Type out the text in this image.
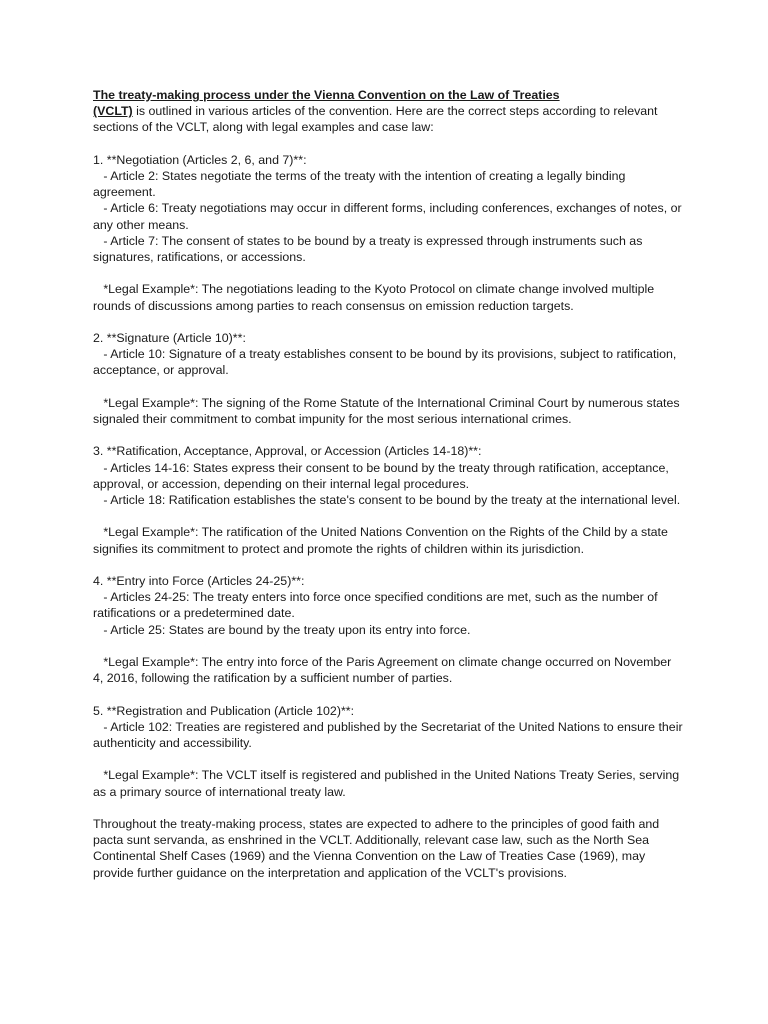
The treaty-making process under the Vienna Convention on the Law of Treaties
(VCLT) is outlined in various articles of the convention. Here are the correct steps according to relevant sections of the VCLT, along with legal examples and case law:

1. **Negotiation (Articles 2, 6, and 7)**:

- Article 2: States negotiate the terms of the treaty with the intention of creating a legally binding agreement.

- Article 6: Treaty negotiations may occur in different forms, including conferences, exchanges of notes, or any other means.

- Article 7: The consent of states to be bound by a treaty is expressed through instruments such as signatures, ratifications, or accessions.

*Legal Example*: The negotiations leading to the Kyoto Protocol on climate change involved multiple rounds of discussions among parties to reach consensus on emission reduction targets.

2. **Signature (Article 10)**:

- Article 10: Signature of a treaty establishes consent to be bound by its provisions, subject to ratification, acceptance, or approval.

*Legal Example*: The signing of the Rome Statute of the International Criminal Court by numerous states signaled their commitment to combat impunity for the most serious international crimes.

3. **Ratification, Acceptance, Approval, or Accession (Articles 14-18)**:

- Articles 14-16: States express their consent to be bound by the treaty through ratification, acceptance, approval, or accession, depending on their internal legal procedures.

- Article 18: Ratification establishes the state's consent to be bound by the treaty at the international level.

*Legal Example*: The ratification of the United Nations Convention on the Rights of the Child by a state signifies its commitment to protect and promote the rights of children within its jurisdiction.

4. **Entry into Force (Articles 24-25)**:

- Articles 24-25: The treaty enters into force once specified conditions are met, such as the number of ratifications or a predetermined date.

- Article 25: States are bound by the treaty upon its entry into force.

*Legal Example*: The entry into force of the Paris Agreement on climate change occurred on November 4, 2016, following the ratification by a sufficient number of parties.

5. **Registration and Publication (Article 102)**:

- Article 102: Treaties are registered and published by the Secretariat of the United Nations to ensure their authenticity and accessibility.

*Legal Example*: The VCLT itself is registered and published in the United Nations Treaty Series, serving as a primary source of international treaty law.

Throughout the treaty-making process, states are expected to adhere to the principles of good faith and pacta sunt servanda, as enshrined in the VCLT. Additionally, relevant case law, such as the North Sea Continental Shelf Cases (1969) and the Vienna Convention on the Law of Treaties Case (1969), may provide further guidance on the interpretation and application of the VCLT's provisions.
